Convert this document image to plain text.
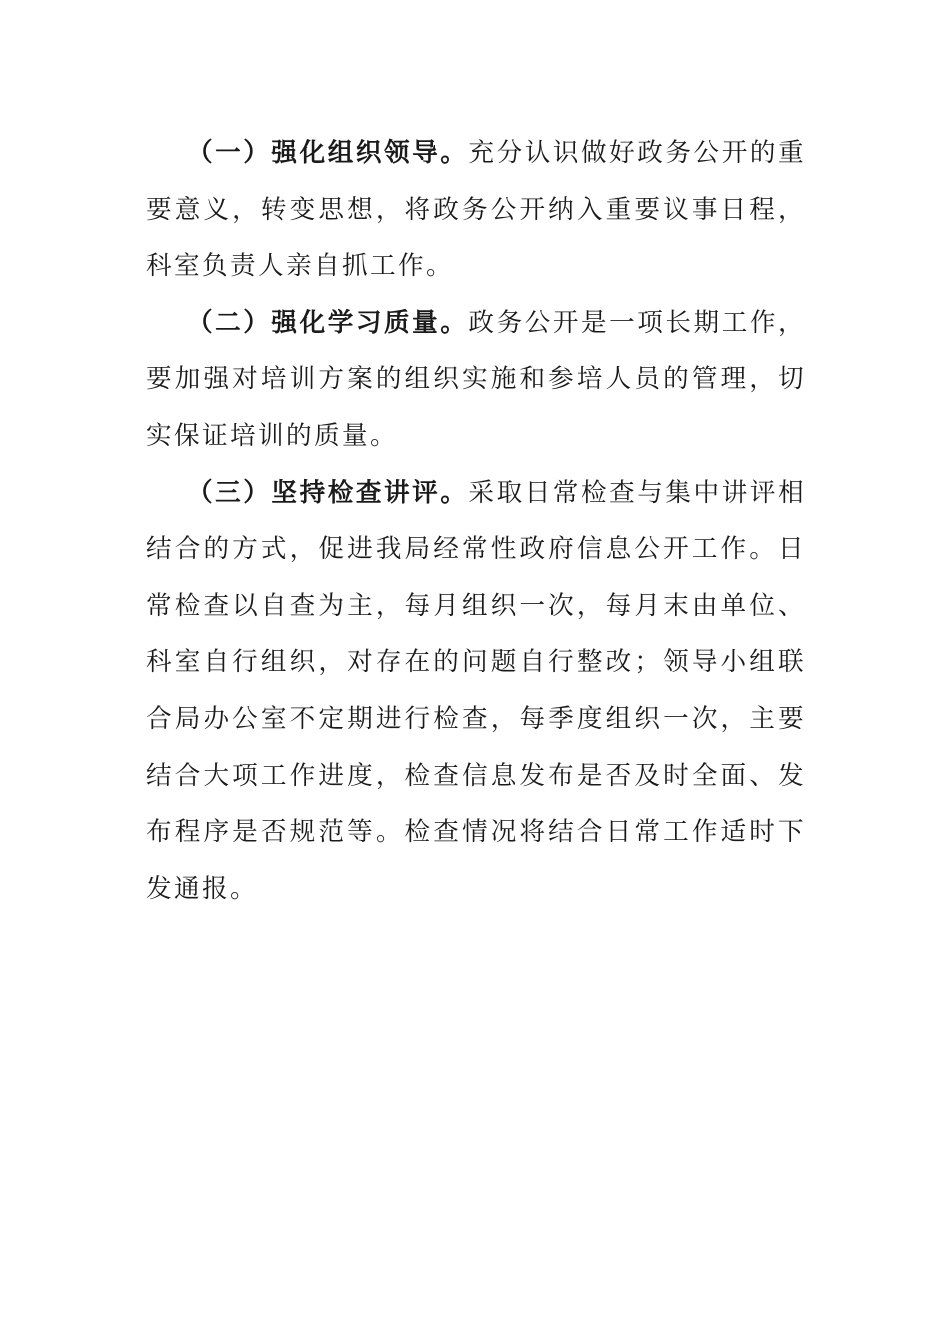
（一）强化组织领导。充分认识做好政务公开的重要意义，转变思想，将政务公开纳入重要议事日程，科室负责人亲自抓工作。

（二）强化学习质量。政务公开是一项长期工作，要加强对培训方案的组织实施和参培人员的管理，切实保证培训的质量。

（三）坚持检查讲评。采取日常检查与集中讲评相结合的方式，促进我局经常性政府信息公开工作。日常检查以自查为主，每月组织一次，每月末由单位、科室自行组织，对存在的问题自行整改；领导小组联合局办公室不定期进行检查，每季度组织一次，主要结合大项工作进度，检查信息发布是否及时全面、发布程序是否规范等。检查情况将结合日常工作适时下发通报。
